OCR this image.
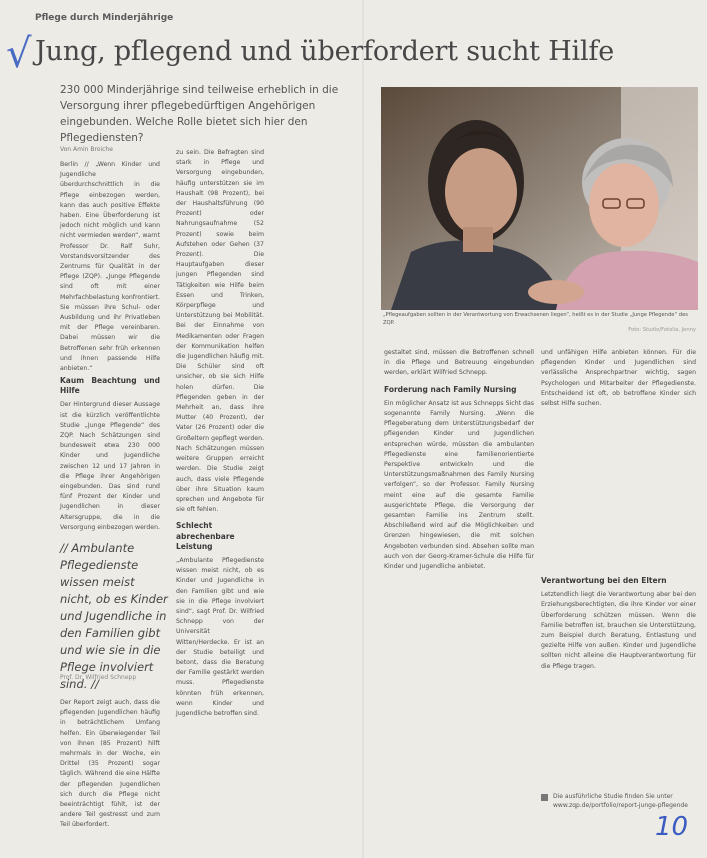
Pflege durch Minderjährige
√ Jung, pflegend und überfordert sucht Hilfe
230 000 Minderjährige sind teilweise erheblich in die Versorgung ihrer pflegebedürftigen Angehörigen eingebunden. Welche Rolle bietet sich hier den Pflegediensten?
Von Amin Broiche

Berlin // „Wenn Kinder und Jugendliche überdurchschnittlich in die Pflege einbezogen werden, kann das auch positive Effekte haben. Eine Überforderung ist jedoch nicht möglich und kann nicht vermieden werden“, warnt Professor Dr. Ralf Suhr, Vorstandsvorsitzender des Zentrums für Qualität in der Pflege (ZQP). „Junge Pflegende sind oft mit einer Mehrfachbelastung konfrontiert. Sie müssen ihre Schul- oder Ausbildung und ihr Privatleben mit der Pflege vereinbaren. Dabei müssen wir die Betroffenen sehr früh erkennen und ihnen passende Hilfe anbieten.“

Kaum Beachtung und Hilfe

Der Hintergrund dieser Aussage ist die kürzlich veröffentlichte Studie „Junge Pflegende“ des ZQP. Nach Schätzungen sind bundesweit etwa 230 000 Kinder und Jugendliche zwischen 12 und 17 Jahren in die Pflege ihrer Angehörigen eingebunden. Das sind rund fünf Prozent der Kinder und Jugendlichen in dieser Altersgruppe, die in die Versorgung einbezogen werden.

// Ambulante Pflegedienste wissen meist nicht, ob es Kinder und Jugendliche in den Familien gibt und wie sie in die Pflege involviert sind. //
Prof. Dr. Wilfried Schnepp

Der Report zeigt auch, dass die pflegenden Jugendlichen häufig in beträchtlichem Umfang helfen. Ein überwiegender Teil von ihnen (85 Prozent) hilft mehrmals in der Woche, ein Drittel (35 Prozent) sogar täglich. Während die eine Hälfte der pflegenden Jugendlichen sich durch die Pflege nicht beeinträchtigt fühlt, ist der andere Teil gestresst und zum Teil überfordert.

zu sein. Die Befragten sind stark in Pflege und Versorgung eingebunden, häufig unterstützen sie im Haushalt (98 Prozent), bei der Haushaltsführung (90 Prozent) oder Nahrungsaufnahme (52 Prozent) sowie beim Aufstehen oder Gehen (37 Prozent). Die Hauptaufgaben dieser jungen Pflegenden sind Tätigkeiten wie Hilfe beim Essen und Trinken, Körperpflege und Unterstützung bei Mobilität. Bei der Einnahme von Medikamenten oder Fragen der Kommunikation helfen die Jugendlichen häufig mit. Die Schüler sind oft unsicher, ob sie sich Hilfe holen dürfen. Die Pflegenden geben in der Mehrheit an, dass ihre Mutter (40 Prozent), der Vater (26 Prozent) oder die Großeltern gepflegt werden. Nach Schätzungen müssen weitere Gruppen erreicht werden. Die Studie zeigt auch, dass viele Pflegende über ihre Situation kaum sprechen und Angebote für sie oft fehlen.

Schlecht abrechenbare Leistung

„Ambulante Pflegedienste wissen meist nicht, ob es Kinder und Jugendliche in den Familien gibt und wie sie in die Pflege involviert sind“, sagt Prof. Dr. Wilfried Schnepp von der Universität Witten/Herdecke. Er ist an der Studie beteiligt und betont, dass die Beratung der Familie gestärkt werden muss. Pflegedienste könnten früh erkennen, wenn Kinder und Jugendliche betroffen sind.

„Pflegeaufgaben sollten in der Verantwortung von Erwachsenen liegen“, heißt es in der Studie „Junge Pflegende“ des ZQP.
Foto: Studio/Fotolia, Jenny

gestaltet sind, müssen die Betroffenen schnell in die Pflege und Betreuung eingebunden werden, erklärt Wilfried Schnepp.

Forderung nach Family Nursing

Ein möglicher Ansatz ist aus Schnepps Sicht das sogenannte Family Nursing. „Wenn die Pflegeberatung dem Unterstützungsbedarf der pflegenden Kinder und Jugendlichen entsprechen würde, müssten die ambulanten Pflegedienste eine familienorientierte Perspektive entwickeln und die Unterstützungsmaßnahmen des Family Nursing verfolgen“, so der Professor. Family Nursing meint eine auf die gesamte Familie ausgerichtete Pflege, die Versorgung der gesamten Familie ins Zentrum stellt. Abschließend wird auf die Möglichkeiten und Grenzen hingewiesen, die mit solchen Angeboten verbunden sind. Absehen sollte man auch von der Georg-Kramer-Schule die Hilfe für Kinder und Jugendliche anbietet.

und unfähigen Hilfe anbieten können. Für die pflegenden Kinder und Jugendlichen sind verlässliche Ansprechpartner wichtig, sagen Psychologen und Mitarbeiter der Pflegedienste. Entscheidend ist oft, ob betroffene Kinder sich selbst Hilfe suchen.

Verantwortung bei den Eltern

Letztendlich liegt die Verantwortung aber bei den Erziehungsberechtigten, die ihre Kinder vor einer Überforderung schützen müssen. Wenn die Familie betroffen ist, brauchen sie Unterstützung, zum Beispiel durch Beratung, Entlastung und gezielte Hilfe von außen. Kinder und Jugendliche sollten nicht alleine die Hauptverantwortung für die Pflege tragen.

Die ausführliche Studie finden Sie unter www.zqp.de/portfolio/report-junge-pflegende
10
